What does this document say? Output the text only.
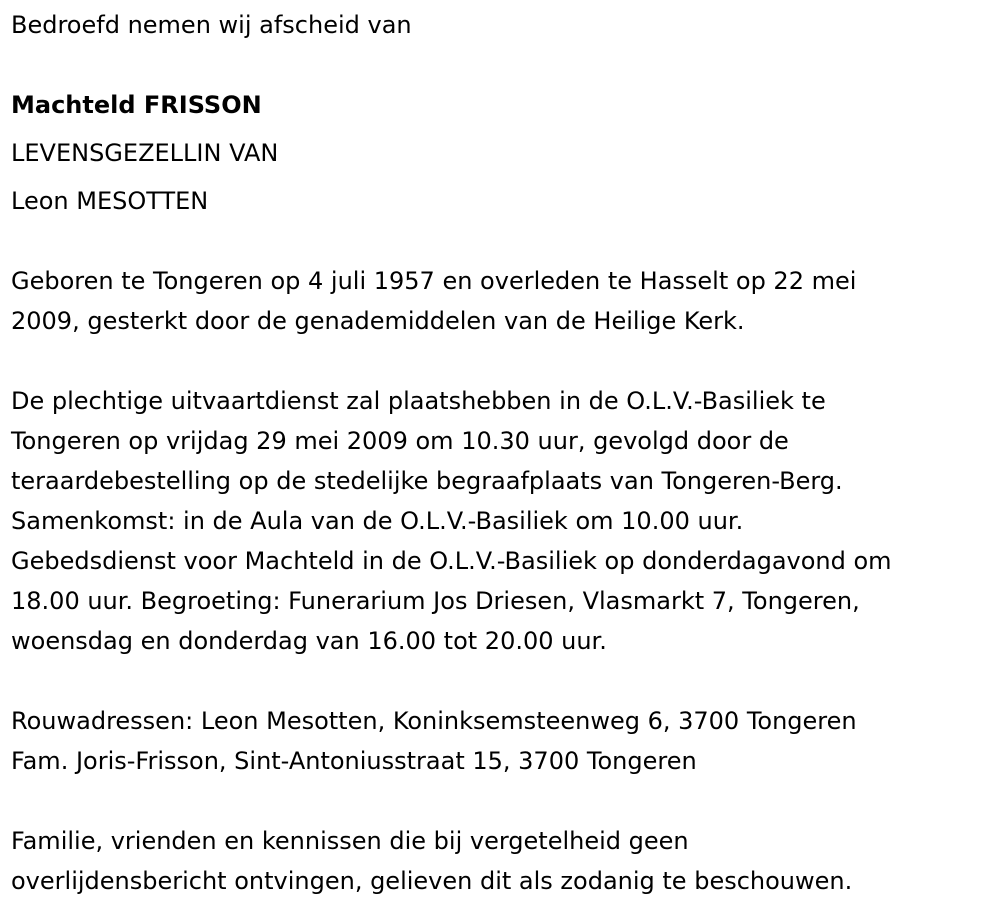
Bedroefd nemen wij afscheid van

Machteld FRISSON

LEVENSGEZELLIN VAN

Leon MESOTTEN

Geboren te Tongeren op 4 juli 1957 en overleden te Hasselt op 22 mei

2009, gesterkt door de genademiddelen van de Heilige Kerk.

De plechtige uitvaartdienst zal plaatshebben in de O.L.V.-Basiliek te

Tongeren op vrijdag 29 mei 2009 om 10.30 uur, gevolgd door de

teraardebestelling op de stedelijke begraafplaats van Tongeren-Berg.

Samenkomst: in de Aula van de O.L.V.-Basiliek om 10.00 uur.

Gebedsdienst voor Machteld in de O.L.V.-Basiliek op donderdagavond om

18.00 uur. Begroeting: Funerarium Jos Driesen, Vlasmarkt 7, Tongeren,

woensdag en donderdag van 16.00 tot 20.00 uur.

Rouwadressen: Leon Mesotten, Koninksemsteenweg 6, 3700 Tongeren

Fam. Joris-Frisson, Sint-Antoniusstraat 15, 3700 Tongeren

Familie, vrienden en kennissen die bij vergetelheid geen

overlijdensbericht ontvingen, gelieven dit als zodanig te beschouwen.
